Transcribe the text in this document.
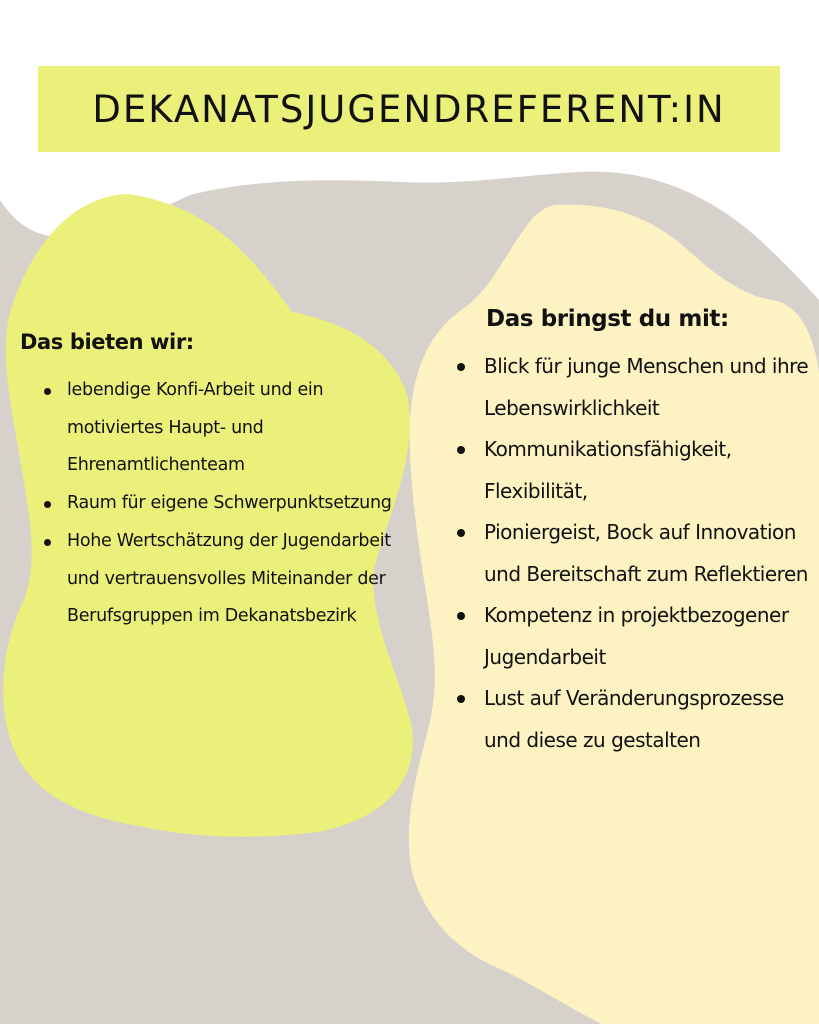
DEKANATSJUGENDREFERENT:IN
Das bieten wir:
lebendige Konfi-Arbeit und ein motiviertes Haupt- und Ehrenamtlichenteam
Raum für eigene Schwerpunktsetzung
Hohe Wertschätzung der Jugendarbeit und vertrauensvolles Miteinander der Berufsgruppen im Dekanatsbezirk
Das bringst du mit:
Blick für junge Menschen und ihre Lebenswirklichkeit
Kommunikationsfähigkeit, Flexibilität,
Pioniergeist, Bock auf Innovation und Bereitschaft zum Reflektieren
Kompetenz in projektbezogener Jugendarbeit
Lust auf Veränderungsprozesse und diese zu gestalten
